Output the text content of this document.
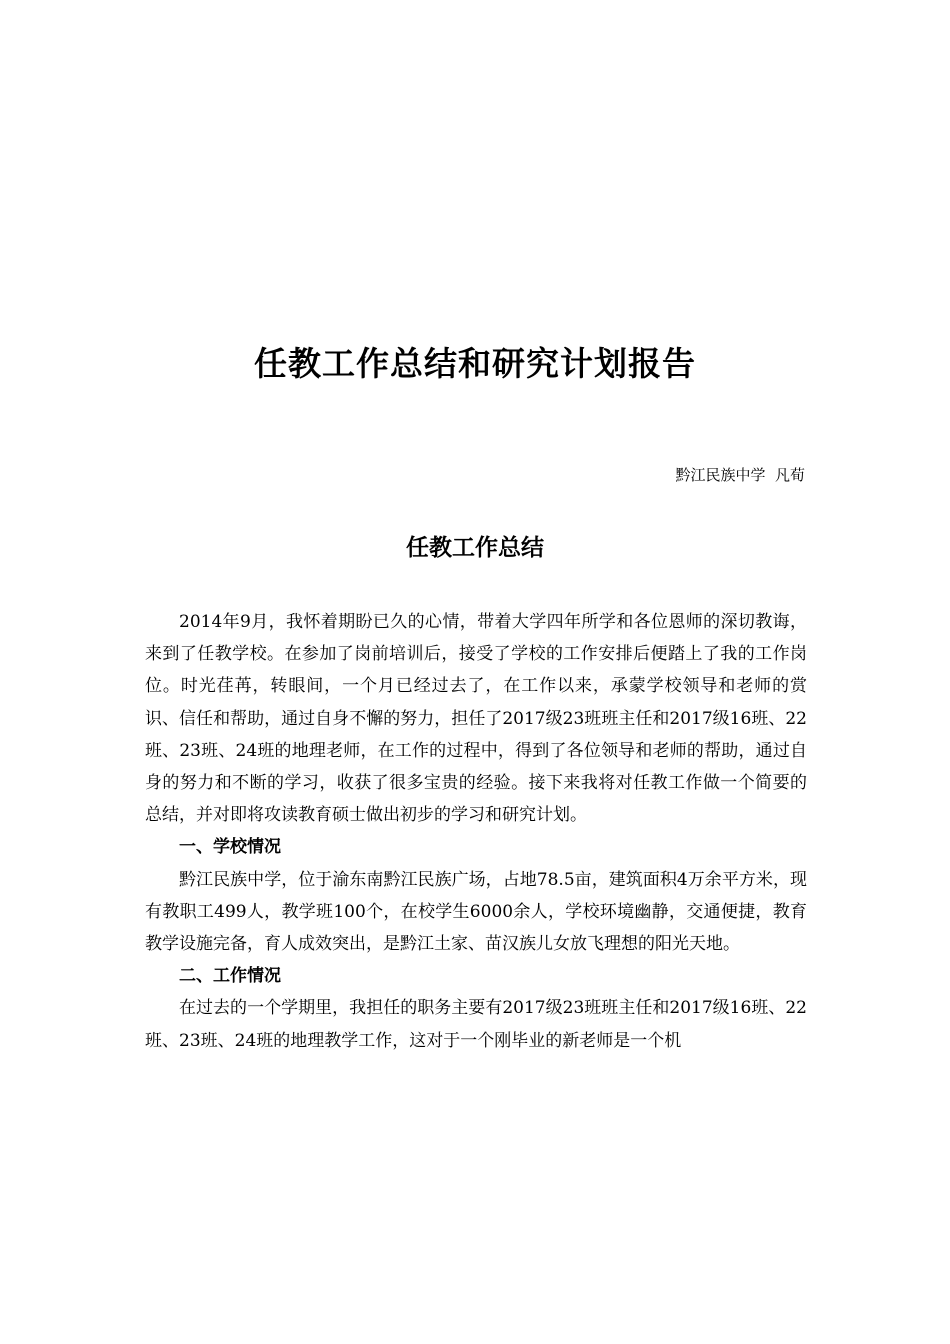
任教工作总结和研究计划报告
黔江民族中学  凡荀
任教工作总结

2014年9月，我怀着期盼已久的心情，带着大学四年所学和各位恩师的深切教诲，来到了任教学校。在参加了岗前培训后，接受了学校的工作安排后便踏上了我的工作岗位。时光荏苒，转眼间，一个月已经过去了，在工作以来，承蒙学校领导和老师的赏识、信任和帮助，通过自身不懈的努力，担任了2017级23班班主任和2017级16班、22班、23班、24班的地理老师，在工作的过程中，得到了各位领导和老师的帮助，通过自身的努力和不断的学习，收获了很多宝贵的经验。接下来我将对任教工作做一个简要的总结，并对即将攻读教育硕士做出初步的学习和研究计划。

一、学校情况

黔江民族中学，位于渝东南黔江民族广场，占地78.5亩，建筑面积4万余平方米，现有教职工499人，教学班100个，在校学生6000余人，学校环境幽静，交通便捷，教育教学设施完备，育人成效突出，是黔江土家、苗汉族儿女放飞理想的阳光天地。

二、工作情况

在过去的一个学期里，我担任的职务主要有2017级23班班主任和2017级16班、22班、23班、24班的地理教学工作，这对于一个刚毕业的新老师是一个机
